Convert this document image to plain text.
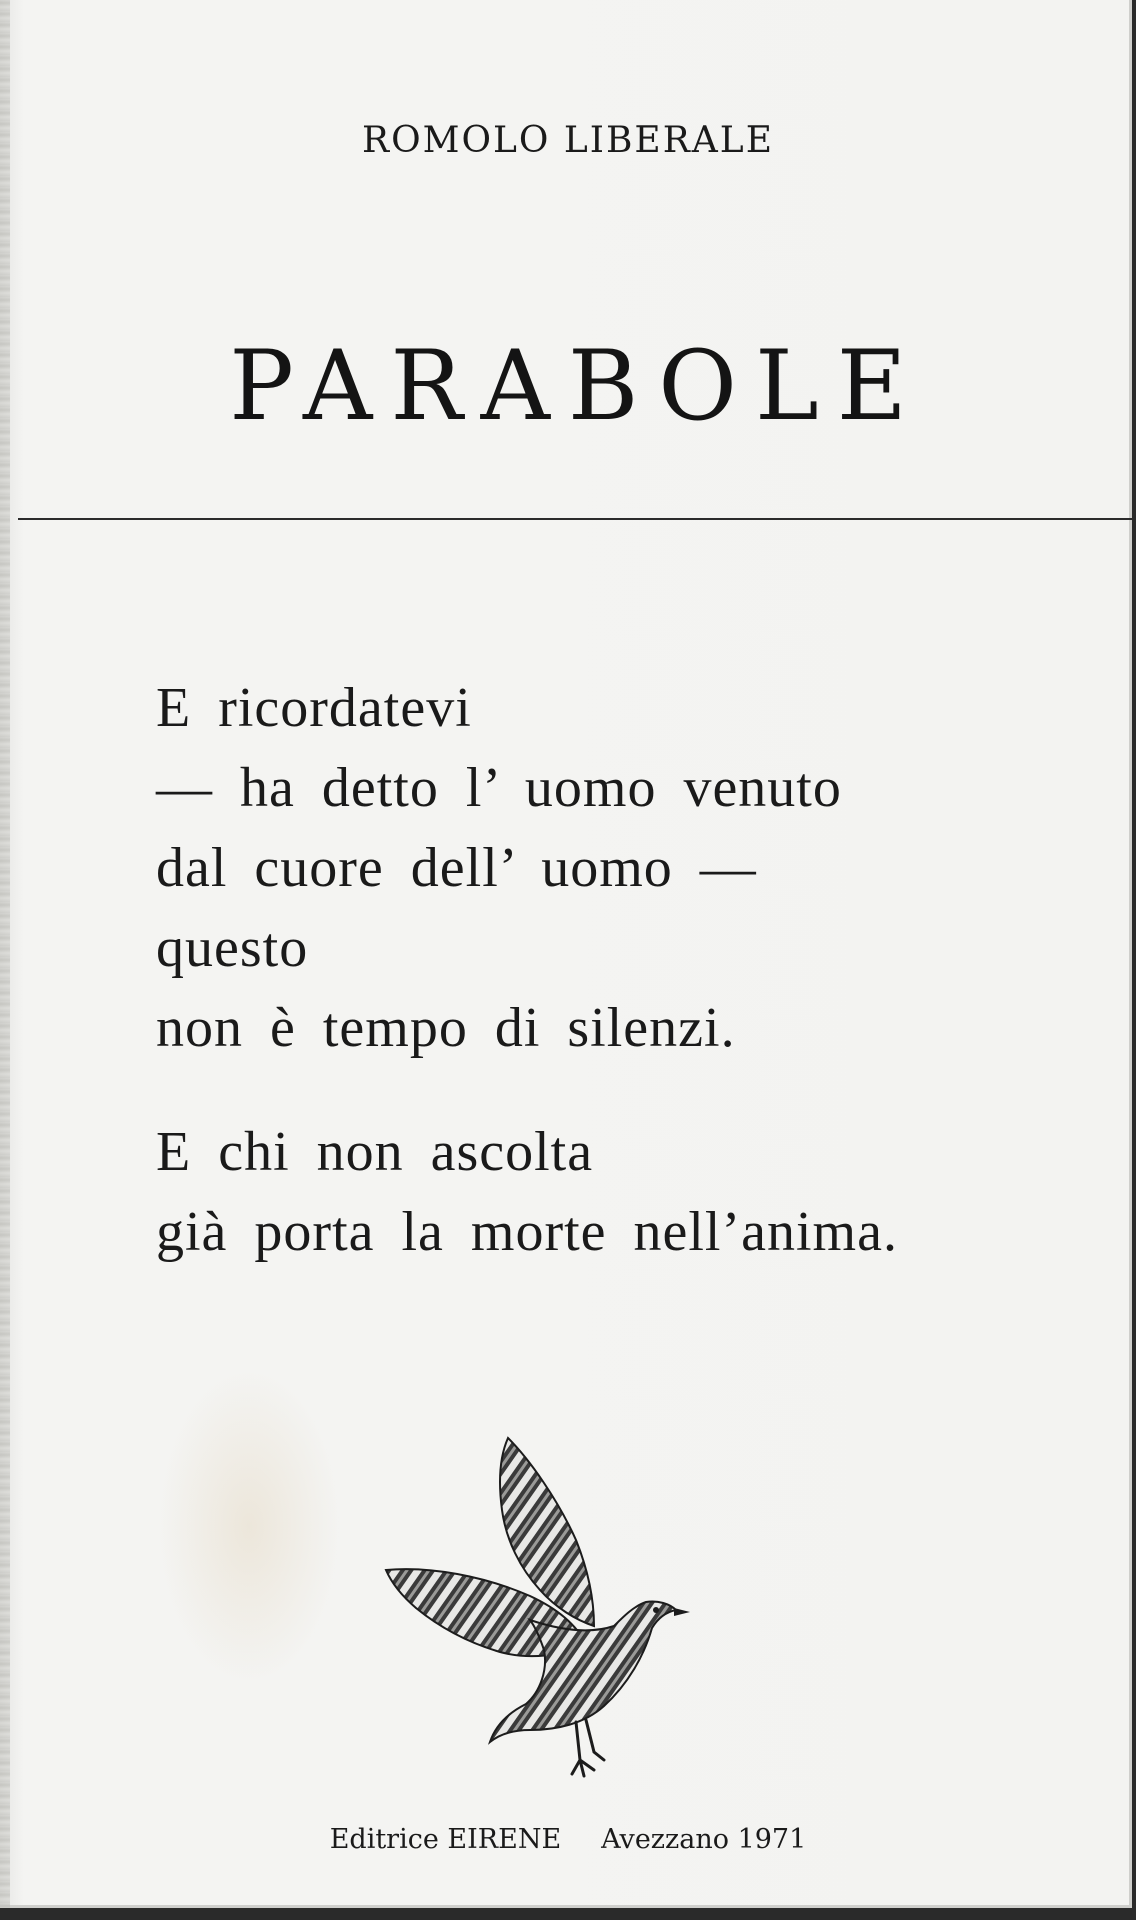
ROMOLO LIBERALE

PARABOLE

E ricordatevi
— ha detto l’ uomo venuto
dal cuore dell’ uomo —
questo
non è tempo di silenzi.

E chi non ascolta
già porta la morte nell’anima.

Editrice EIRENE Avezzano 1971
